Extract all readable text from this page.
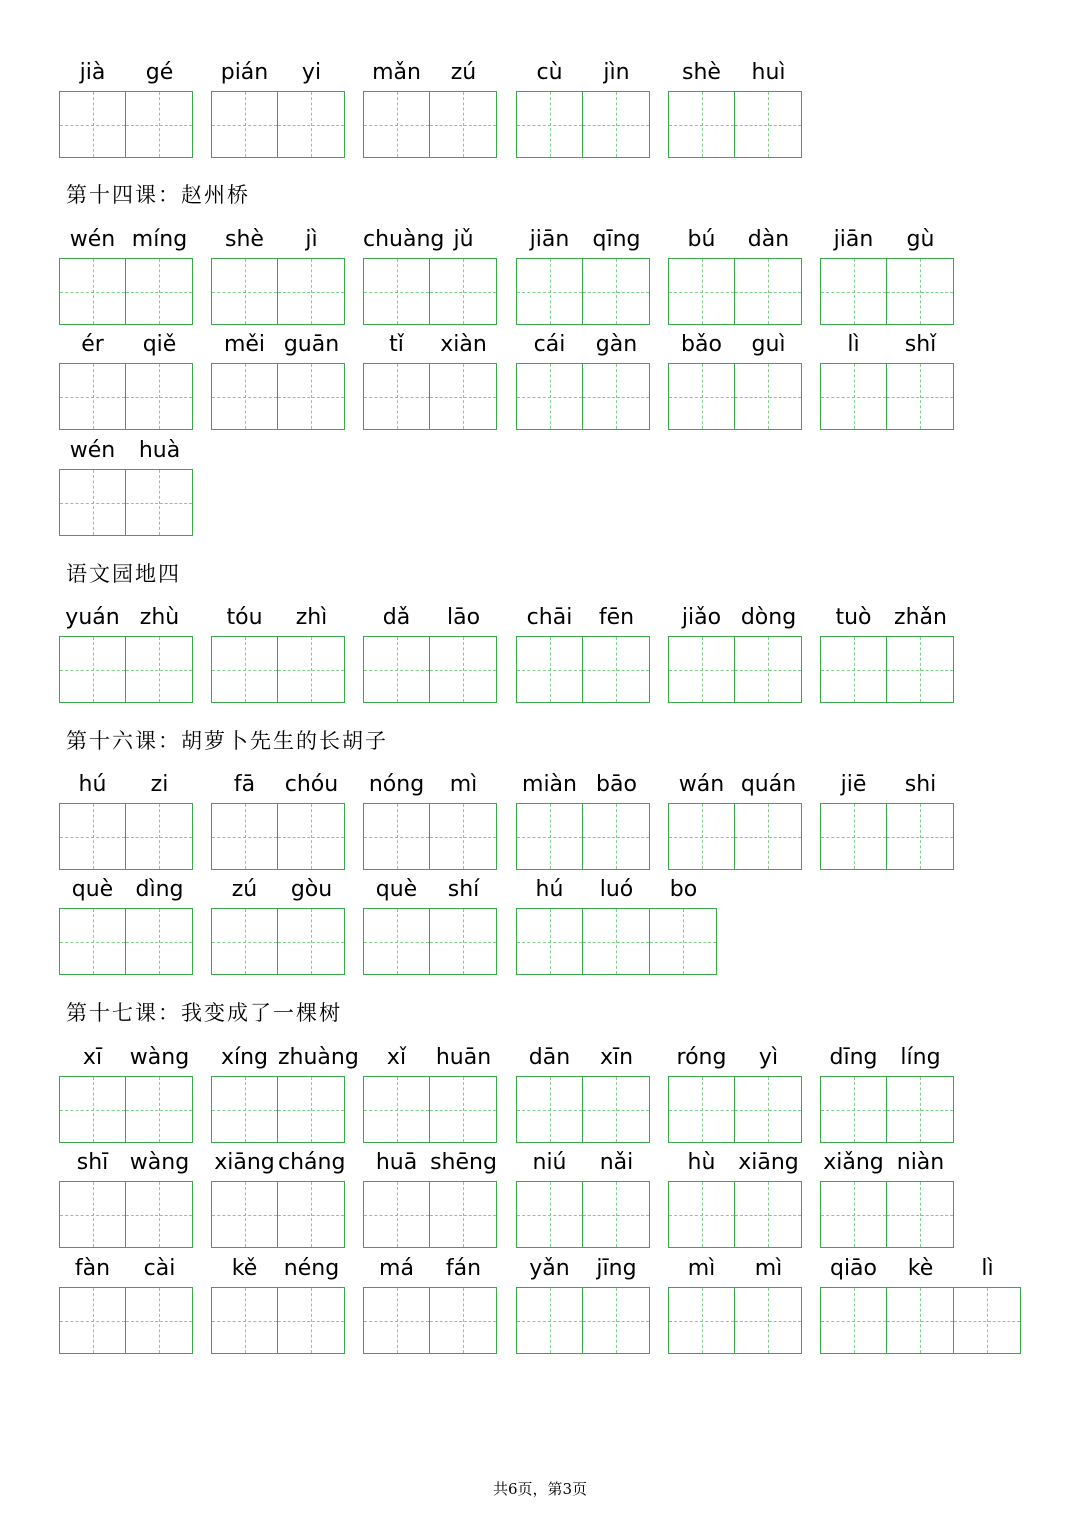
jià	gé	pián	yi	mǎn	zú	cù	jìn	shè	huì
第十四课：赵州桥
wén míng	shè	jì	chuàng jǔ	jiān	qīng	bú	dàn	jiān	gù
ér	qiě	měi guān	tǐ	xiàn	cái	gàn	bǎo	guì	lì	shǐ
wén	huà
语文园地四
yuán zhù	tóu	zhì	dǎ	lāo	chāi	fēn	jiǎo dòng	tuò	zhǎn
第十六课：胡萝卜先生的长胡子
hú	zi	fā	chóu	nóng	mì	miàn bāo	wán quán	jiē	shi
què	dìng	zú	gòu	què	shí	hú	luó	bo
第十七课：我变成了一棵树
xī	wàng	xíng zhuàng	xǐ	huān	dān	xīn	róng	yì	dīng	líng
shī wàng xiāng cháng	huā shēng	niú	nǎi	hù	xiāng xiǎng niàn
fàn	cài	kě	néng	má	fán	yǎn	jīng	mì	mì	qiāo	kè	lì
共6页，第3页
